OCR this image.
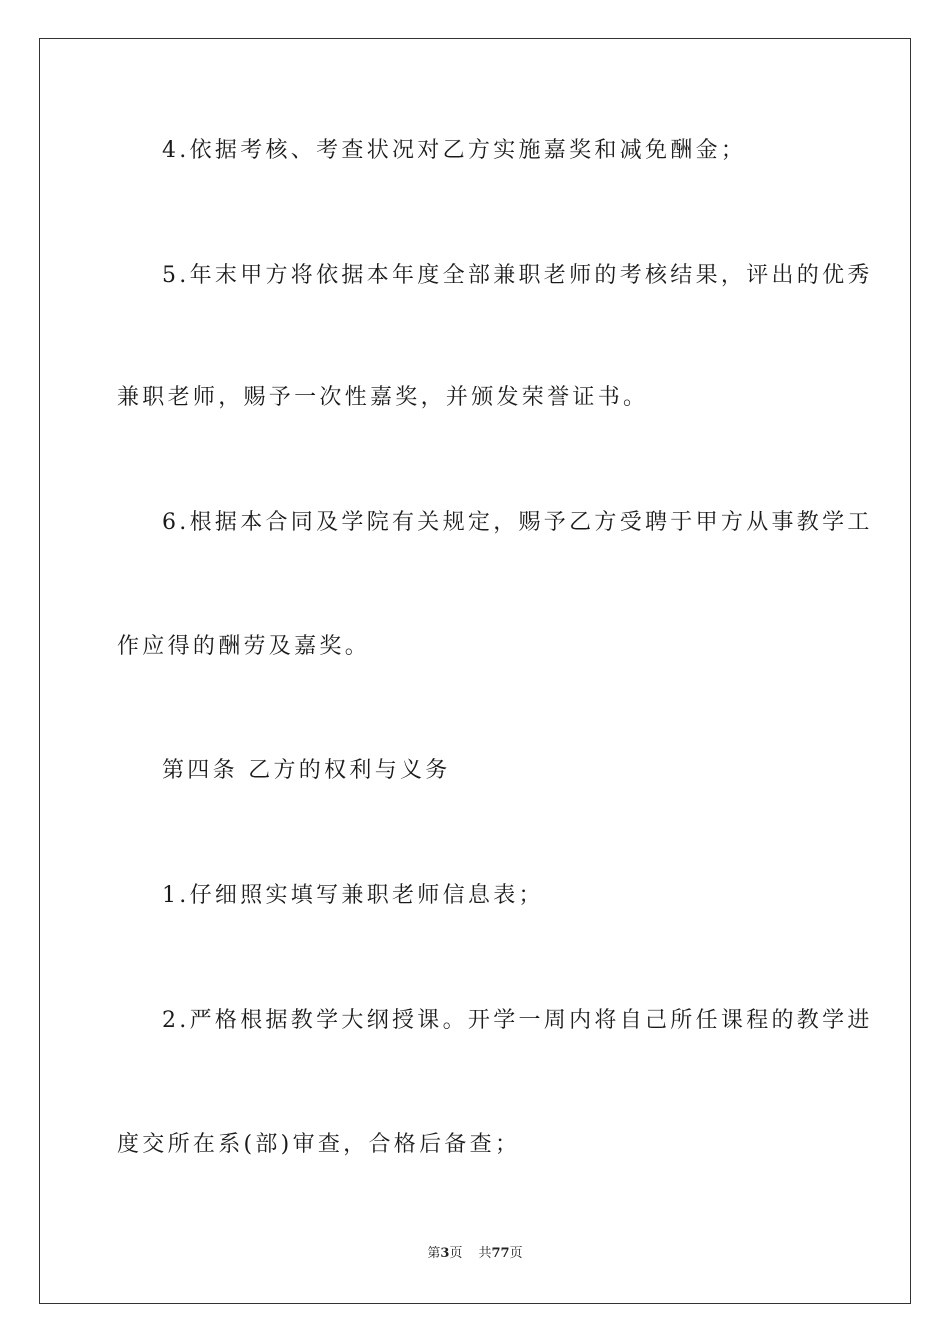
4.依据考核、考查状况对乙方实施嘉奖和减免酬金；
5.年末甲方将依据本年度全部兼职老师的考核结果，评出的优秀
兼职老师，赐予一次性嘉奖，并颁发荣誉证书。
6.根据本合同及学院有关规定，赐予乙方受聘于甲方从事教学工
作应得的酬劳及嘉奖。
第四条 乙方的权利与义务
1.仔细照实填写兼职老师信息表；
2.严格根据教学大纲授课。开学一周内将自己所任课程的教学进
度交所在系(部)审查，合格后备查；
第3页 共77页
